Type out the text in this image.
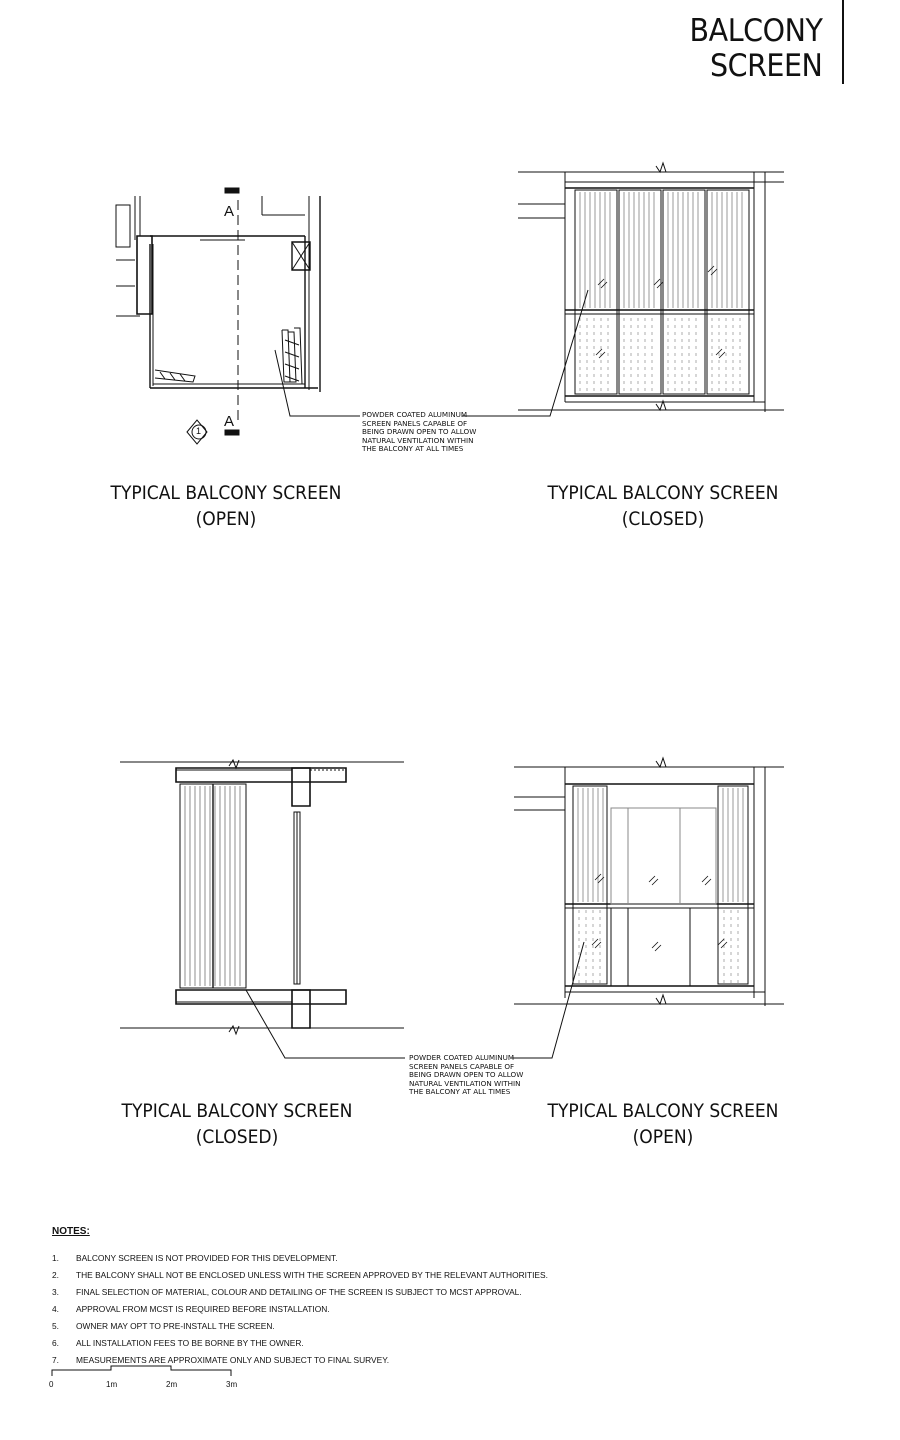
BALCONY
SCREEN
A
A
1
POWDER COATED ALUMINUM
SCREEN PANELS CAPABLE OF
BEING DRAWN OPEN TO ALLOW
NATURAL VENTILATION WITHIN
THE BALCONY AT ALL TIMES
TYPICAL BALCONY SCREEN
(OPEN)
TYPICAL BALCONY SCREEN
(CLOSED)
POWDER COATED ALUMINUM
SCREEN PANELS CAPABLE OF
BEING DRAWN OPEN TO ALLOW
NATURAL VENTILATION WITHIN
THE BALCONY AT ALL TIMES
TYPICAL BALCONY SCREEN
(CLOSED)
TYPICAL BALCONY SCREEN
(OPEN)
NOTES:
1.	BALCONY SCREEN IS NOT PROVIDED FOR THIS DEVELOPMENT.
2.	THE BALCONY SHALL NOT BE ENCLOSED UNLESS WITH THE SCREEN APPROVED BY THE RELEVANT AUTHORITIES.
3.	FINAL SELECTION OF MATERIAL, COLOUR AND DETAILING OF THE SCREEN IS SUBJECT TO MCST APPROVAL.
4.	APPROVAL FROM MCST IS REQUIRED BEFORE INSTALLATION.
5.	OWNER MAY OPT TO PRE-INSTALL THE SCREEN.
6.	ALL INSTALLATION FEES TO BE BORNE BY THE OWNER.
7.	MEASUREMENTS ARE APPROXIMATE ONLY AND SUBJECT TO FINAL SURVEY.
0	1m	2m	3m
